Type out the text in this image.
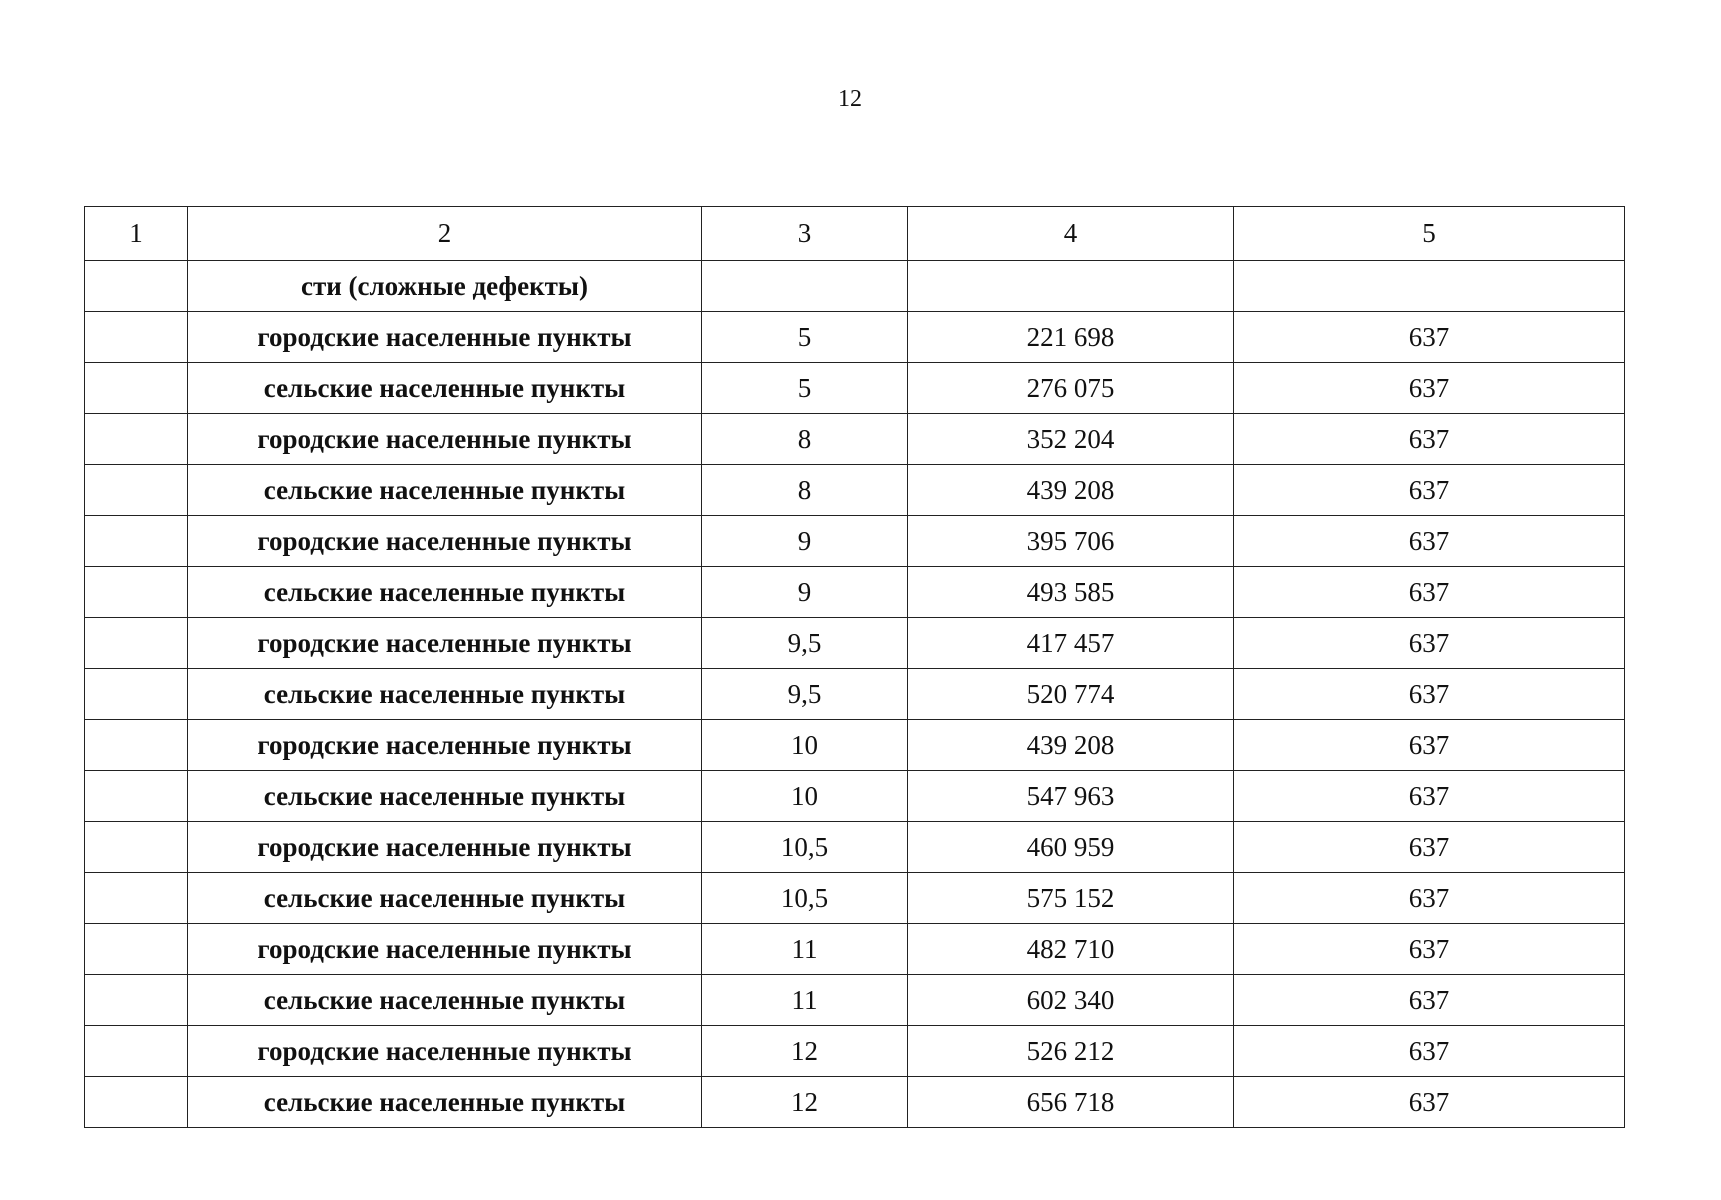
12
1	2	3	4	5
	сти (сложные дефекты)			
	городские населенные пункты	5	221 698	637
	сельские населенные пункты	5	276 075	637
	городские населенные пункты	8	352 204	637
	сельские населенные пункты	8	439 208	637
	городские населенные пункты	9	395 706	637
	сельские населенные пункты	9	493 585	637
	городские населенные пункты	9,5	417 457	637
	сельские населенные пункты	9,5	520 774	637
	городские населенные пункты	10	439 208	637
	сельские населенные пункты	10	547 963	637
	городские населенные пункты	10,5	460 959	637
	сельские населенные пункты	10,5	575 152	637
	городские населенные пункты	11	482 710	637
	сельские населенные пункты	11	602 340	637
	городские населенные пункты	12	526 212	637
	сельские населенные пункты	12	656 718	637
